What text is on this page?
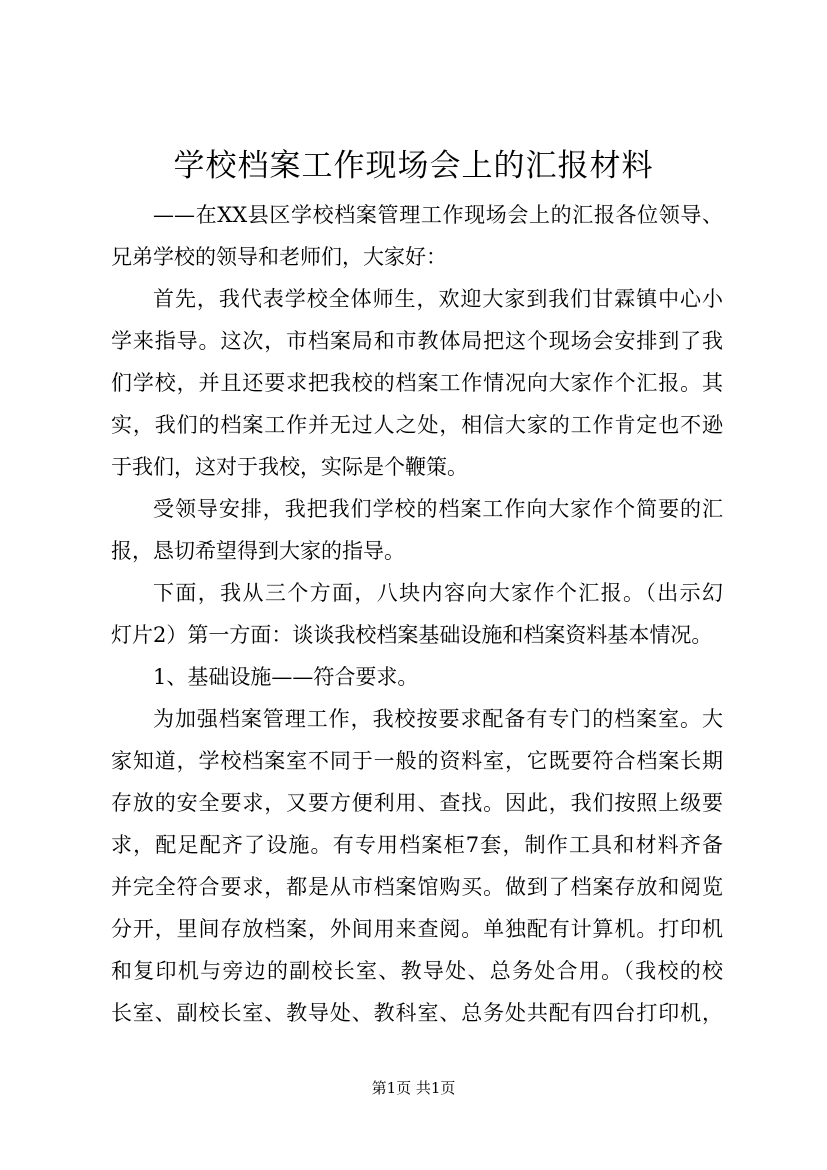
学校档案工作现场会上的汇报材料
——在XX县区学校档案管理工作现场会上的汇报各位领导、
兄弟学校的领导和老师们，大家好：
首先，我代表学校全体师生，欢迎大家到我们甘霖镇中心小
学来指导。这次，市档案局和市教体局把这个现场会安排到了我
们学校，并且还要求把我校的档案工作情况向大家作个汇报。其
实，我们的档案工作并无过人之处，相信大家的工作肯定也不逊
于我们，这对于我校，实际是个鞭策。
受领导安排，我把我们学校的档案工作向大家作个简要的汇
报，恳切希望得到大家的指导。
下面，我从三个方面，八块内容向大家作个汇报。（出示幻
灯片2）第一方面：谈谈我校档案基础设施和档案资料基本情况。
1、基础设施——符合要求。
为加强档案管理工作，我校按要求配备有专门的档案室。大
家知道，学校档案室不同于一般的资料室，它既要符合档案长期
存放的安全要求，又要方便利用、查找。因此，我们按照上级要
求，配足配齐了设施。有专用档案柜7套，制作工具和材料齐备
并完全符合要求，都是从市档案馆购买。做到了档案存放和阅览
分开，里间存放档案，外间用来查阅。单独配有计算机。打印机
和复印机与旁边的副校长室、教导处、总务处合用。（我校的校
长室、副校长室、教导处、教科室、总务处共配有四台打印机，
第1页 共1页
